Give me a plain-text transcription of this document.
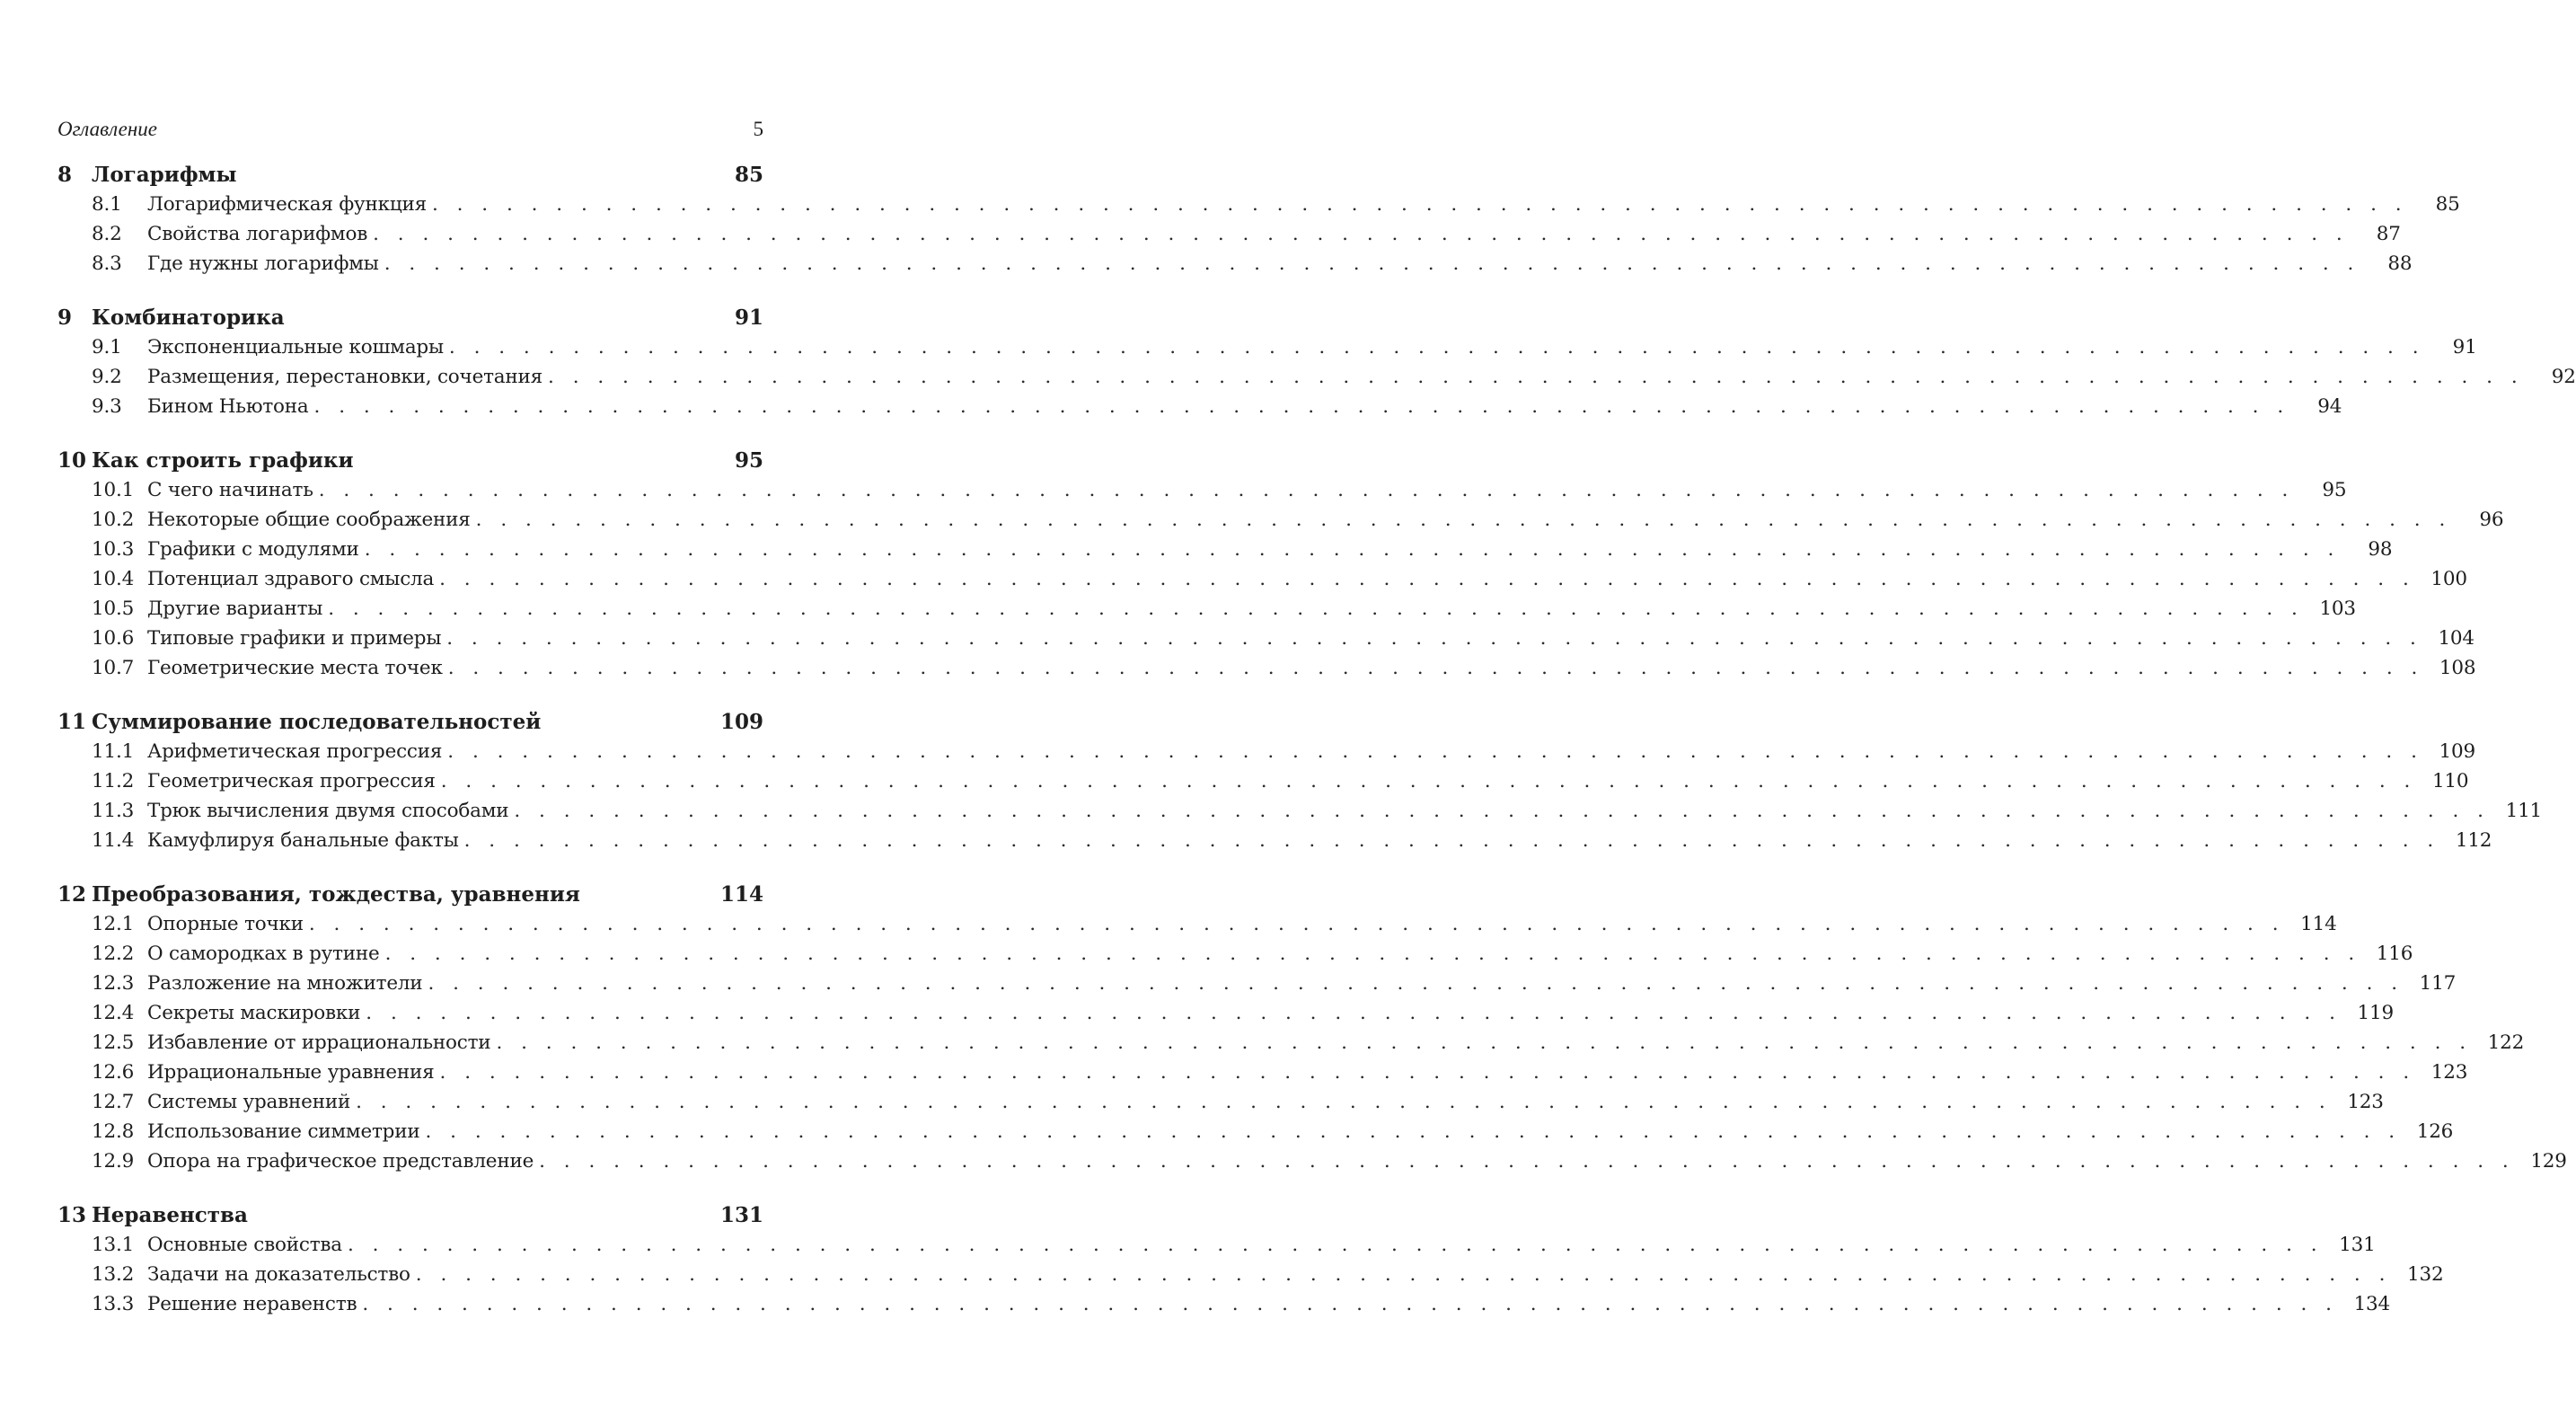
Оглавление	5
8 Логарифмы	85
8.1	Логарифмическая функция . . . . . . . . . . . . . . . . . . . . . . . . . . . . . . . . . . . . . . . . . . . . . . . . . . . . . . . . . . . . . . . . . . . . . . . . . . . . . . . .	85
8.2	Свойства логарифмов . . . . . . . . . . . . . . . . . . . . . . . . . . . . . . . . . . . . . . . . . . . . . . . . . . . . . . . . . . . . . . . . . . . . . . . . . . . . . . . .	87
8.3	Где нужны логарифмы . . . . . . . . . . . . . . . . . . . . . . . . . . . . . . . . . . . . . . . . . . . . . . . . . . . . . . . . . . . . . . . . . . . . . . . . . . . . . . . .	88
9 Комбинаторика	91
9.1	Экспоненциальные кошмары . . . . . . . . . . . . . . . . . . . . . . . . . . . . . . . . . . . . . . . . . . . . . . . . . . . . . . . . . . . . . . . . . . . . . . . . . . . . . . . .	91
9.2	Размещения, перестановки, сочетания . . . . . . . . . . . . . . . . . . . . . . . . . . . . . . . . . . . . . . . . . . . . . . . . . . . . . . . . . . . . . . . . . . . . . . . . . . . . . . . .	92
9.3	Бином Ньютона . . . . . . . . . . . . . . . . . . . . . . . . . . . . . . . . . . . . . . . . . . . . . . . . . . . . . . . . . . . . . . . . . . . . . . . . . . . . . . . .	94
10 Как строить графики	95
10.1 С чего начинать . . . . . . . . . . . . . . . . . . . . . . . . . . . . . . . . . . . . . . . . . . . . . . . . . . . . . . . . . . . . . . . . . . . . . . . . . . . . . . . .	95
10.2 Некоторые общие соображения . . . . . . . . . . . . . . . . . . . . . . . . . . . . . . . . . . . . . . . . . . . . . . . . . . . . . . . . . . . . . . . . . . . . . . . . . . . . . . . .	96
10.3 Графики с модулями . . . . . . . . . . . . . . . . . . . . . . . . . . . . . . . . . . . . . . . . . . . . . . . . . . . . . . . . . . . . . . . . . . . . . . . . . . . . . . . .	98
10.4 Потенциал здравого смысла . . . . . . . . . . . . . . . . . . . . . . . . . . . . . . . . . . . . . . . . . . . . . . . . . . . . . . . . . . . . . . . . . . . . . . . . . . . . . . . . 100
10.5 Другие варианты . . . . . . . . . . . . . . . . . . . . . . . . . . . . . . . . . . . . . . . . . . . . . . . . . . . . . . . . . . . . . . . . . . . . . . . . . . . . . . . . 103
10.6 Типовые графики и примеры . . . . . . . . . . . . . . . . . . . . . . . . . . . . . . . . . . . . . . . . . . . . . . . . . . . . . . . . . . . . . . . . . . . . . . . . . . . . . . . . 104
10.7 Геометрические места точек . . . . . . . . . . . . . . . . . . . . . . . . . . . . . . . . . . . . . . . . . . . . . . . . . . . . . . . . . . . . . . . . . . . . . . . . . . . . . . . . 108
11 Суммирование последовательностей	109
11.1 Арифметическая прогрессия . . . . . . . . . . . . . . . . . . . . . . . . . . . . . . . . . . . . . . . . . . . . . . . . . . . . . . . . . . . . . . . . . . . . . . . . . . . . . . . . 109
11.2 Геометрическая прогрессия . . . . . . . . . . . . . . . . . . . . . . . . . . . . . . . . . . . . . . . . . . . . . . . . . . . . . . . . . . . . . . . . . . . . . . . . . . . . . . . . 110
11.3 Трюк вычисления двумя способами . . . . . . . . . . . . . . . . . . . . . . . . . . . . . . . . . . . . . . . . . . . . . . . . . . . . . . . . . . . . . . . . . . . . . . . . . . . . . . . . 111
11.4 Камуфлируя банальные факты . . . . . . . . . . . . . . . . . . . . . . . . . . . . . . . . . . . . . . . . . . . . . . . . . . . . . . . . . . . . . . . . . . . . . . . . . . . . . . . . 112
12 Преобразования, тождества, уравнения	114
12.1 Опорные точки . . . . . . . . . . . . . . . . . . . . . . . . . . . . . . . . . . . . . . . . . . . . . . . . . . . . . . . . . . . . . . . . . . . . . . . . . . . . . . . . 114
12.2 О самородках в рутине . . . . . . . . . . . . . . . . . . . . . . . . . . . . . . . . . . . . . . . . . . . . . . . . . . . . . . . . . . . . . . . . . . . . . . . . . . . . . . . . 116
12.3 Разложение на множители . . . . . . . . . . . . . . . . . . . . . . . . . . . . . . . . . . . . . . . . . . . . . . . . . . . . . . . . . . . . . . . . . . . . . . . . . . . . . . . . 117
12.4 Секреты маскировки . . . . . . . . . . . . . . . . . . . . . . . . . . . . . . . . . . . . . . . . . . . . . . . . . . . . . . . . . . . . . . . . . . . . . . . . . . . . . . . . 119
12.5 Избавление от иррациональности . . . . . . . . . . . . . . . . . . . . . . . . . . . . . . . . . . . . . . . . . . . . . . . . . . . . . . . . . . . . . . . . . . . . . . . . . . . . . . . . 122
12.6 Иррациональные уравнения . . . . . . . . . . . . . . . . . . . . . . . . . . . . . . . . . . . . . . . . . . . . . . . . . . . . . . . . . . . . . . . . . . . . . . . . . . . . . . . . 123
12.7 Системы уравнений . . . . . . . . . . . . . . . . . . . . . . . . . . . . . . . . . . . . . . . . . . . . . . . . . . . . . . . . . . . . . . . . . . . . . . . . . . . . . . . . 123
12.8 Использование симметрии . . . . . . . . . . . . . . . . . . . . . . . . . . . . . . . . . . . . . . . . . . . . . . . . . . . . . . . . . . . . . . . . . . . . . . . . . . . . . . . . 126
12.9 Опора на графическое представление . . . . . . . . . . . . . . . . . . . . . . . . . . . . . . . . . . . . . . . . . . . . . . . . . . . . . . . . . . . . . . . . . . . . . . . . . . . . . . . . 129
13 Неравенства	131
13.1 Основные свойства . . . . . . . . . . . . . . . . . . . . . . . . . . . . . . . . . . . . . . . . . . . . . . . . . . . . . . . . . . . . . . . . . . . . . . . . . . . . . . . . 131
13.2 Задачи на доказательство . . . . . . . . . . . . . . . . . . . . . . . . . . . . . . . . . . . . . . . . . . . . . . . . . . . . . . . . . . . . . . . . . . . . . . . . . . . . . . . . 132
13.3 Решение неравенств . . . . . . . . . . . . . . . . . . . . . . . . . . . . . . . . . . . . . . . . . . . . . . . . . . . . . . . . . . . . . . . . . . . . . . . . . . . . . . . . 134
